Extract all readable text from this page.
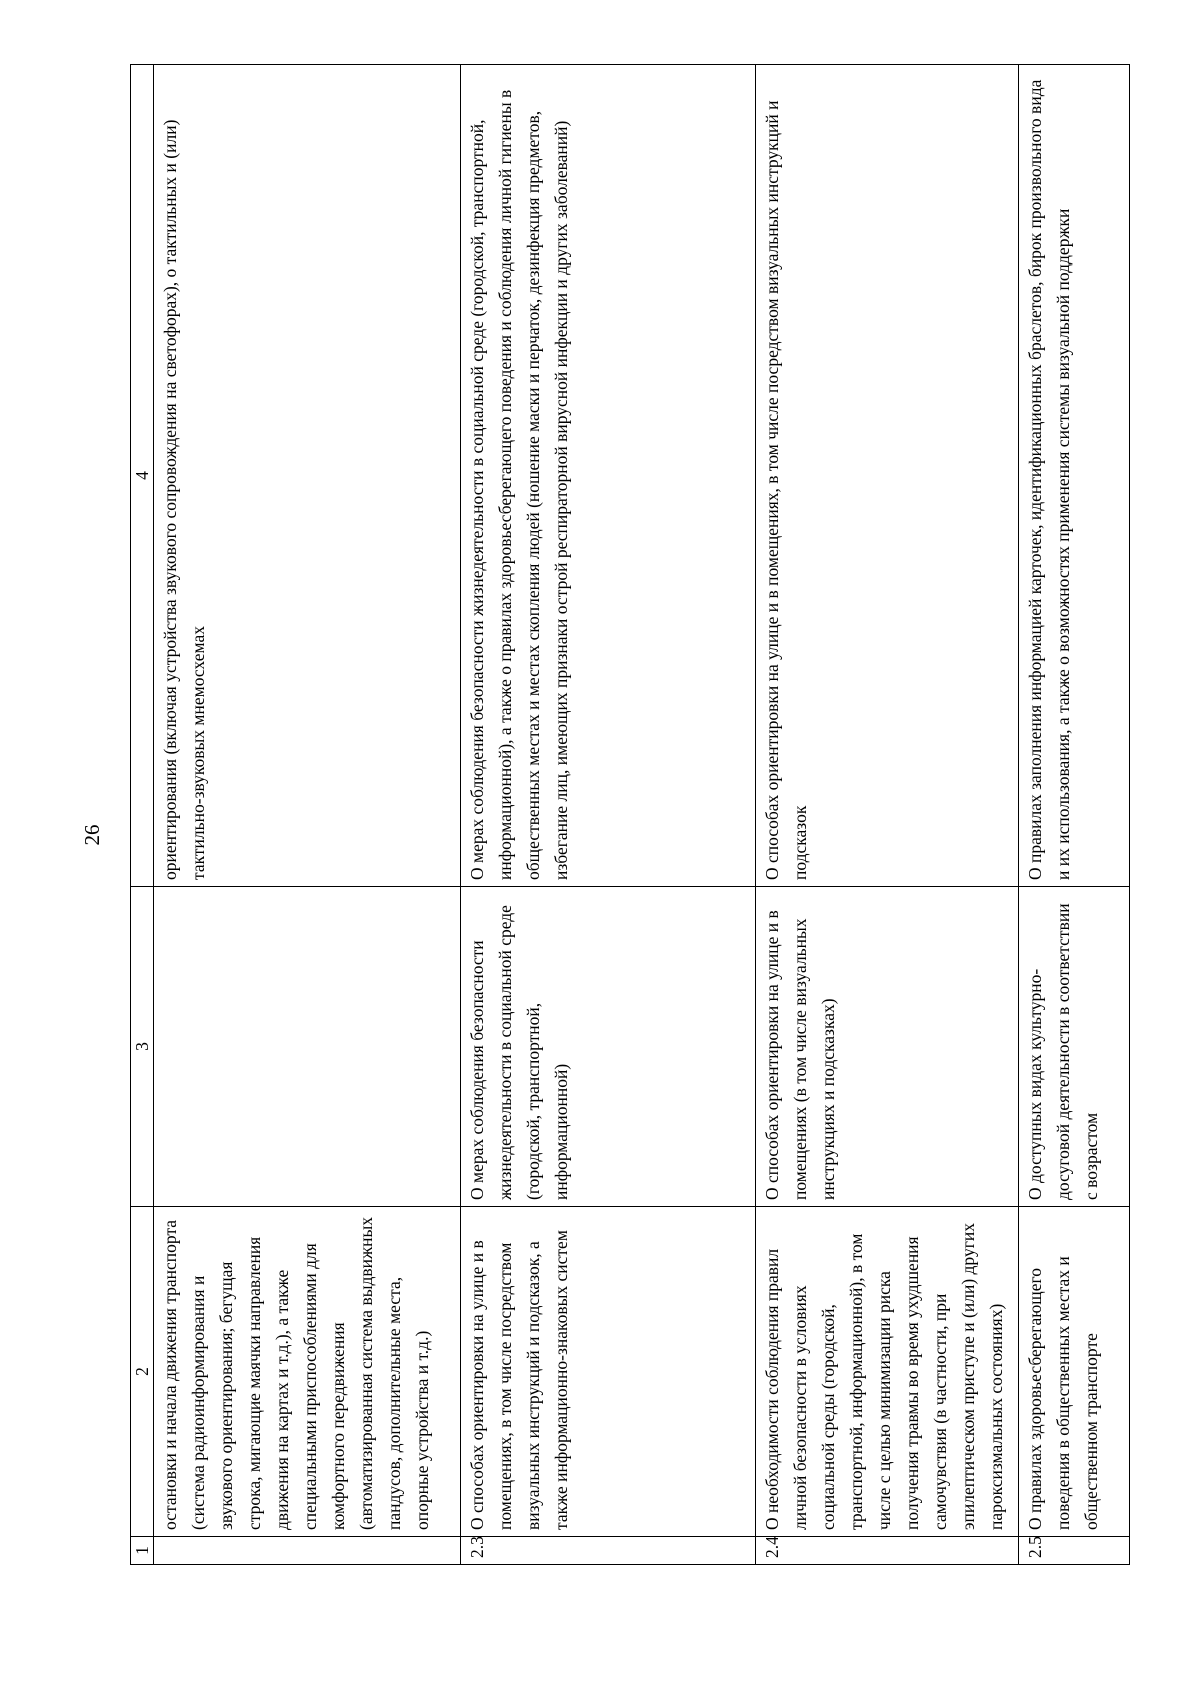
26
1	2	3	4
	остановки и начала движения транспорта (система радиоинформирования и звукового ориентирования; бегущая строка, мигающие маячки направления движения на картах и т.д.), а также специальными приспособлениями для комфортного передвижения (автоматизированная система выдвижных пандусов, дополнительные места, опорные устройства и т.д.)		ориентирования (включая устройства звукового сопровождения на светофорах), о тактильных и (или) тактильно-звуковых мнемосхемах
2.3	О способах ориентировки на улице и в помещениях, в том числе посредством визуальных инструкций и подсказок, а также информационно-знаковых систем	О мерах соблюдения безопасности жизнедеятельности в социальной среде (городской, транспортной, информационной)	О мерах соблюдения безопасности жизнедеятельности в социальной среде (городской, транспортной, информационной), а также о правилах здоровьесберегающего поведения и соблюдения личной гигиены в общественных местах и местах скопления людей (ношение маски и перчаток, дезинфекция предметов, избегание лиц, имеющих признаки острой респираторной вирусной инфекции и других заболеваний)
2.4	О необходимости соблюдения правил личной безопасности в условиях социальной среды (городской, транспортной, информационной), в том числе с целью минимизации риска получения травмы во время ухудшения самочувствия (в частности, при эпилептическом приступе и (или) других пароксизмальных состояниях)	О способах ориентировки на улице и в помещениях (в том числе визуальных инструкциях и подсказках)	О способах ориентировки на улице и в помещениях, в том числе посредством визуальных инструкций и подсказок
2.5	О правилах здоровьесберегающего поведения в общественных местах и общественном транспорте	О доступных видах культурно-досуговой деятельности в соответствии с возрастом	О правилах заполнения информацией карточек, идентификационных браслетов, бирок произвольного вида и их использования, а также о возможностях применения системы визуальной поддержки
